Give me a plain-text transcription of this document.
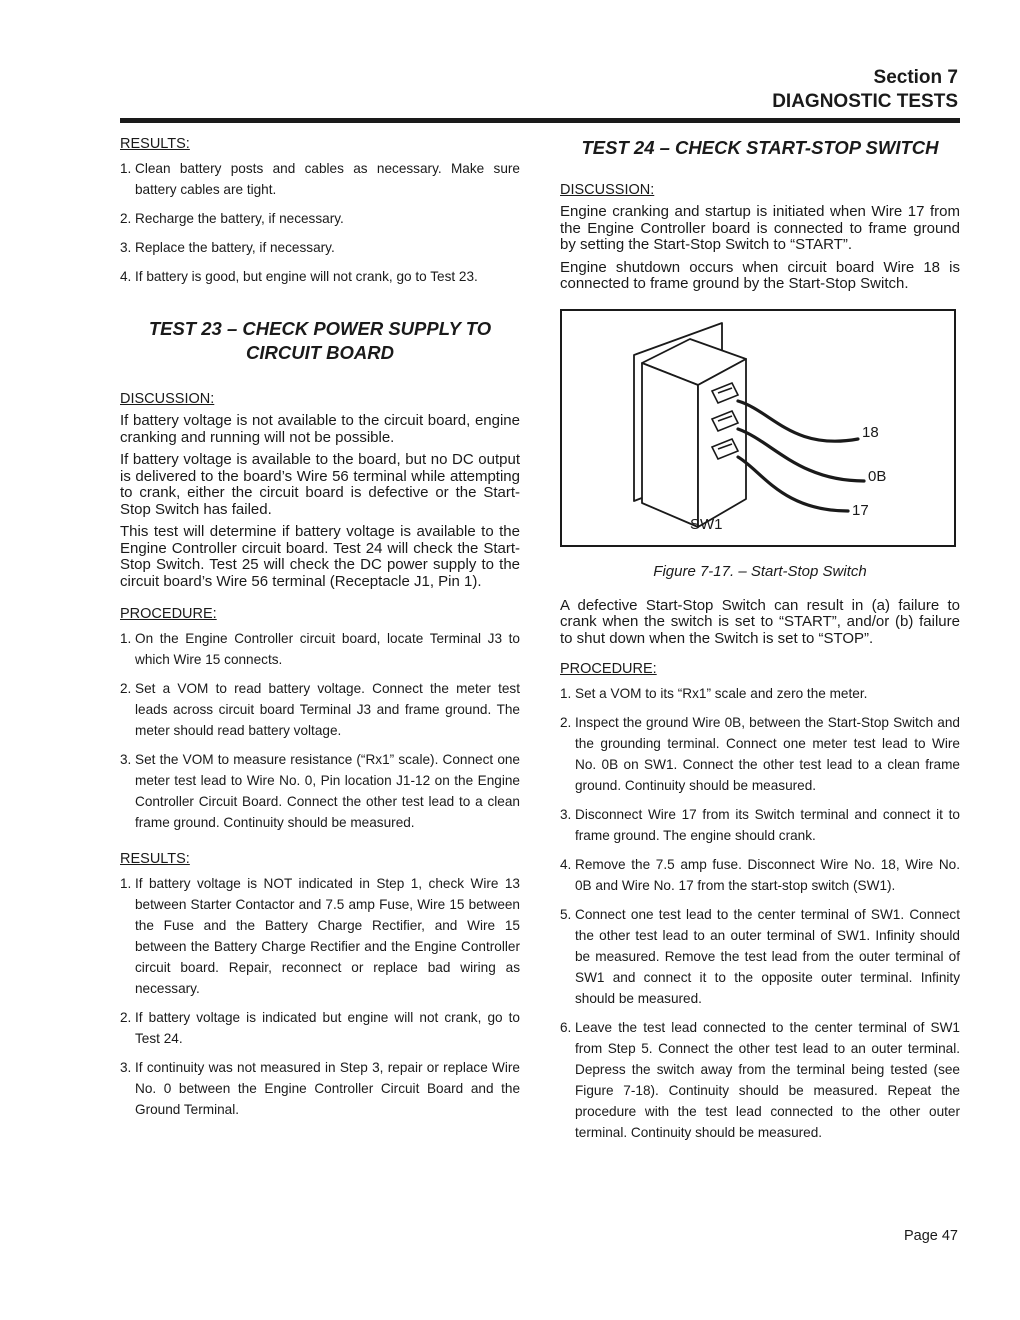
Section 7
DIAGNOSTIC TESTS
RESULTS:
1. Clean battery posts and cables as necessary. Make sure battery cables are tight.
2. Recharge the battery, if necessary.
3. Replace the battery, if necessary.
4. If battery is good, but engine will not crank, go to Test 23.
TEST 23 – CHECK POWER SUPPLY TO
CIRCUIT BOARD
DISCUSSION:

If battery voltage is not available to the circuit board, engine cranking and running will not be possible.

If battery voltage is available to the board, but no DC output is delivered to the board’s Wire 56 terminal while attempting to crank, either the circuit board is defective or the Start-Stop Switch has failed.

This test will determine if battery voltage is available to the Engine Controller circuit board. Test 24 will check the Start-Stop Switch. Test 25 will check the DC power supply to the circuit board’s Wire 56 terminal (Receptacle J1, Pin 1).

PROCEDURE:
1. On the Engine Controller circuit board, locate Terminal J3 to which Wire 15 connects.
2. Set a VOM to read battery voltage. Connect the meter test leads across circuit board Terminal J3 and frame ground. The meter should read battery voltage.
3. Set the VOM to measure resistance (“Rx1” scale). Connect one meter test lead to Wire No. 0, Pin location J1-12 on the Engine Controller Circuit Board. Connect the other test lead to a clean frame ground. Continuity should be measured.
RESULTS:
1. If battery voltage is NOT indicated in Step 1, check Wire 13 between Starter Contactor and 7.5 amp Fuse, Wire 15 between the Fuse and the Battery Charge Rectifier, and Wire 15 between the Battery Charge Rectifier and the Engine Controller circuit board. Repair, reconnect or replace bad wiring as necessary.
2. If battery voltage is indicated but engine will not crank, go to Test 24.
3. If continuity was not measured in Step 3, repair or replace Wire No. 0 between the Engine Controller Circuit Board and the Ground Terminal.
TEST 24 – CHECK START-STOP SWITCH
DISCUSSION:

Engine cranking and startup is initiated when Wire 17 from the Engine Controller board is connected to frame ground by setting the Start-Stop Switch to “START”.

Engine shutdown occurs when circuit board Wire 18 is connected to frame ground by the Start-Stop Switch.

18
0B
17
SW1
Figure 7-17. – Start-Stop Switch

A defective Start-Stop Switch can result in (a) failure to crank when the switch is set to “START”, and/or (b) failure to shut down when the Switch is set to “STOP”.

PROCEDURE:
1. Set a VOM to its “Rx1” scale and zero the meter.
2. Inspect the ground Wire 0B, between the Start-Stop Switch and the grounding terminal. Connect one meter test lead to Wire No. 0B on SW1. Connect the other test lead to a clean frame ground. Continuity should be measured.
3. Disconnect Wire 17 from its Switch terminal and connect it to frame ground. The engine should crank.
4. Remove the 7.5 amp fuse. Disconnect Wire No. 18, Wire No. 0B and Wire No. 17 from the start-stop switch (SW1).
5. Connect one test lead to the center terminal of SW1. Connect the other test lead to an outer terminal of SW1. Infinity should be measured. Remove the test lead from the outer terminal of SW1 and connect it to the opposite outer terminal. Infinity should be measured.
6. Leave the test lead connected to the center terminal of SW1 from Step 5. Connect the other test lead to an outer terminal. Depress the switch away from the terminal being tested (see Figure 7-18). Continuity should be measured. Repeat the procedure with the test lead connected to the other outer terminal. Continuity should be measured.
Page 47
